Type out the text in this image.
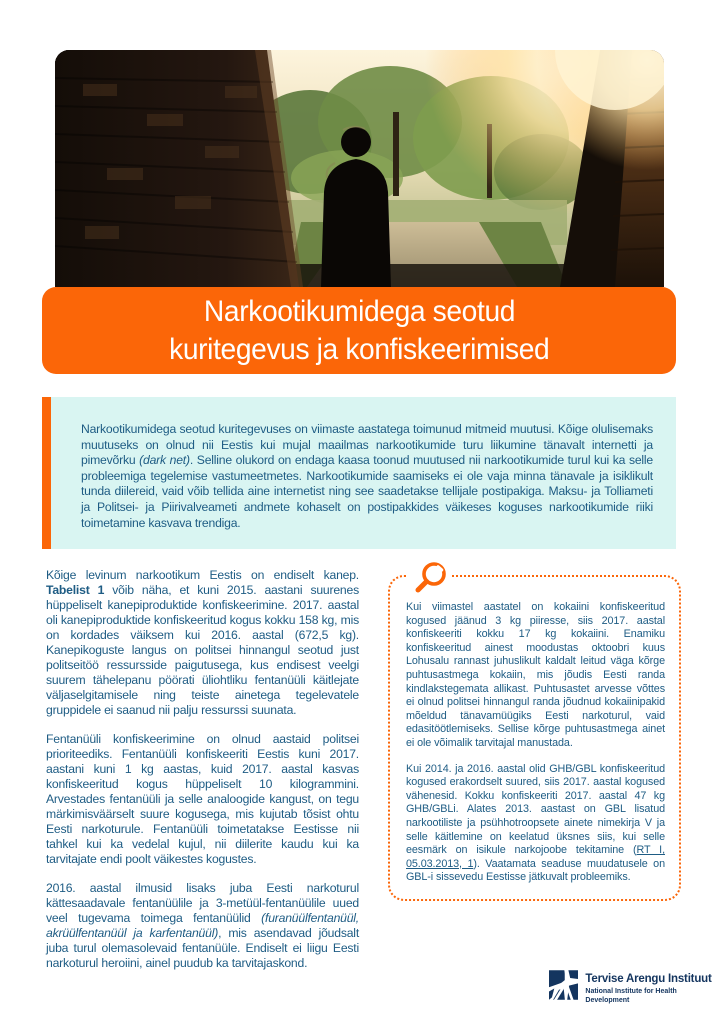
Narkootikumidega seotud
kuritegevus ja konfiskeerimised

Narkootikumidega seotud kuritegevuses on viimaste aastatega toimunud mitmeid muutusi. Kõige olulisemaks muutuseks on olnud nii Eestis kui mujal maailmas narkootikumide turu liikumine tänavalt internetti ja pimevõrku (dark net). Selline olukord on endaga kaasa toonud muutused nii narkootikumide turul kui ka selle probleemiga tegelemise vastumeetmetes. Narkootikumide saamiseks ei ole vaja minna tänavale ja isiklikult tunda diilereid, vaid võib tellida aine internetist ning see saadetakse tellijale postipakiga. Maksu- ja Tolliameti ja Politsei- ja Piirivalveameti andmete kohaselt on postipakkides väikeses koguses narkootikumide riiki toimetamine kasvava trendiga.

Kõige levinum narkootikum Eestis on endiselt kanep. Tabelist 1 võib näha, et kuni 2015. aastani suurenes hüppeliselt kanepiproduktide konfiskeerimine. 2017. aastal oli kanepiproduktide konfiskeeritud kogus kokku 158 kg, mis on kordades väiksem kui 2016. aastal (672,5 kg). Kanepikoguste langus on politsei hinnangul seotud just politseitöö ressursside paigutusega, kus endisest veelgi suurem tähelepanu pöörati üliohtliku fentanüüli käitlejate väljaselgitamisele ning teiste ainetega tegelevatele gruppidele ei saanud nii palju ressurssi suunata.

Fentanüüli konfiskeerimine on olnud aastaid politsei prioriteediks. Fentanüüli konfiskeeriti Eestis kuni 2017. aastani kuni 1 kg aastas, kuid 2017. aastal kasvas konfiskeeritud kogus hüppeliselt 10 kilogrammini. Arvestades fentanüüli ja selle analoogide kangust, on tegu märkimisväärselt suure kogusega, mis kujutab tõsist ohtu Eesti narkoturule. Fentanüüli toimetatakse Eestisse nii tahkel kui ka vedelal kujul, nii diilerite kaudu kui ka tarvitajate endi poolt väikestes kogustes.

2016. aastal ilmusid lisaks juba Eesti narkoturul kättesaadavale fentanüülile ja 3-metüül-fentanüülile uued veel tugevama toimega fentanüülid (furanüülfentanüül, akrüülfentanüül ja karfentanüül), mis asendavad jõudsalt juba turul olemasolevaid fentanüüle. Endiselt ei liigu Eesti narkoturul heroiini, ainel puudub ka tarvitajaskond.

Kui viimastel aastatel on kokaiini konfiskeeritud kogused jäänud 3 kg piiresse, siis 2017. aastal konfiskeeriti kokku 17 kg kokaiini. Enamiku konfiskeeritud ainest moodustas oktoobri kuus Lohusalu rannast juhuslikult kaldalt leitud väga kõrge puhtusastmega kokaiin, mis jõudis Eesti randa kindlakstegemata allikast. Puhtusastet arvesse võttes ei olnud politsei hinnangul randa jõudnud kokaiinipakid mõeldud tänavamüügiks Eesti narkoturul, vaid edasitöötlemiseks. Sellise kõrge puhtusastmega ainet ei ole võimalik tarvitajal manustada.

Kui 2014. ja 2016. aastal olid GHB/GBL konfiskeeritud kogused erakordselt suured, siis 2017. aastal kogused vähenesid. Kokku konfiskeeriti 2017. aastal 47 kg GHB/GBLi. Alates 2013. aastast on GBL lisatud narkootiliste ja psühhotroopsete ainete nimekirja V ja selle käitlemine on keelatud üksnes siis, kui selle eesmärk on isikule narkojoobe tekitamine (RT I, 05.03.2013, 1). Vaatamata seaduse muudatusele on GBL-i sissevedu Eestisse jätkuvalt probleemiks.

Tervise Arengu Instituut
National Institute for Health Development
